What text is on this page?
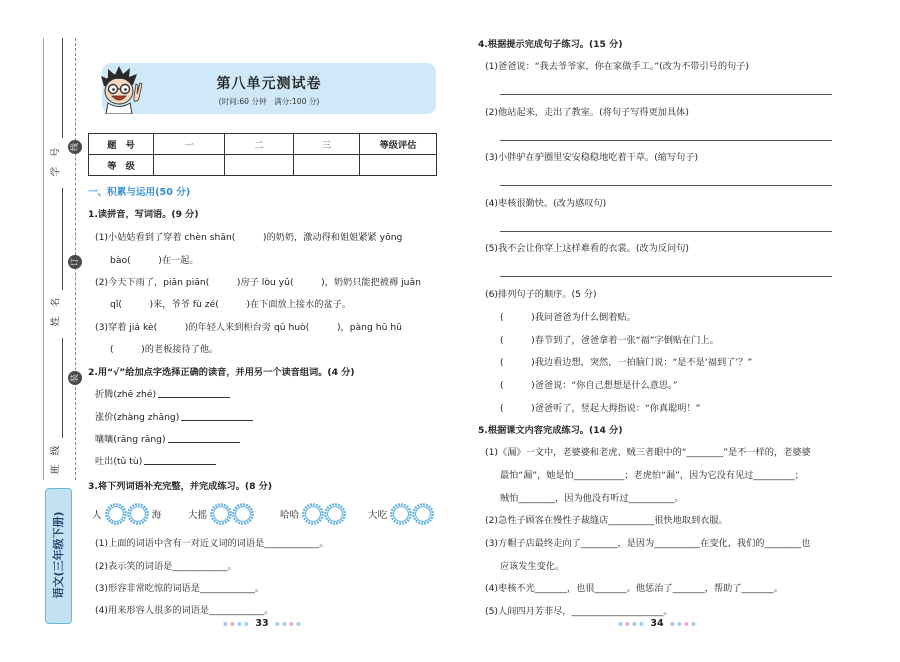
学　号
姓　名
班　级
线
订
装
语文(三年级下册)
第八单元测试卷
(时间:60 分钟　满分:100 分)
题　号	一	二	三	等级评估
等　级				
一、积累与运用(50 分)
1.读拼音，写词语。(9 分)
(1)小姑姑看到了穿着 chèn shān(　　　)的奶奶，激动得和姐姐紧紧 yōng
bào(　　　)在一起。
(2)今天下雨了，piān piān(　　　)房子 lòu yǔ(　　　)，奶奶只能把被褥 juǎn
qǐ(　　　)来，爷爷 fù zé(　　　)在下面放上接水的盆子。
(3)穿着 jiá kè(　　　)的年轻人来到柜台旁 qǔ huò(　　　)，pàng hū hū
(　　　)的老板接待了他。
2.用“√”给加点字选择正确的读音，并用另一个读音组词。(4 分)
折腾(zhē zhé)
涨价(zhàng zhǎng)
嚷嚷(rǎng rāng)
吐出(tǔ tù)
3.将下列词语补充完整，并完成练习。(8 分)
人	海	大摇	哈哈	大吃
(1)上面的词语中含有一对近义词的词语是____________。
(2)表示笑的词语是____________。
(3)形容非常吃惊的词语是____________。
(4)用来形容人很多的词语是____________。
33
4.根据提示完成句子练习。(15 分)
(1)爸爸说：“我去爷爷家，你在家做手工。”(改为不带引号的句子)
(2)他站起来，走出了教室。(将句子写得更加具体)
(3)小胖驴在驴圈里安安稳稳地吃着干草。(缩写句子)
(4)枣核很勤快。(改为感叹句)
(5)我不会让你穿上这样难看的衣裳。(改为反问句)
(6)排列句子的顺序。(5 分)
(　　　)我问爸爸为什么倒着贴。
(　　　)春节到了，爸爸拿着一张“福”字倒贴在门上。
(　　　)我边看边想，突然，一拍脑门说：“是不是‘福到了’？”
(　　　)爸爸说：“你自己想想是什么意思。”
(　　　)爸爸听了，竖起大拇指说：“你真聪明！”
5.根据课文内容完成练习。(14 分)
(1)《漏》一文中，老婆婆和老虎、贼三者眼中的“________”是不一样的，老婆婆
最怕“漏”，她是怕___________；老虎怕“漏”，因为它没有见过_________；
贼怕________，因为他没有听过__________。
(2)急性子顾客在慢性子裁缝店__________很快地取到衣服。
(3)方帽子店最终走向了________，是因为__________在变化，我们的________也
应该发生变化。
(4)枣核不光_______，也很_______。他惩治了_______，帮助了_______。
(5)人间四月芳菲尽，____________________。
34
